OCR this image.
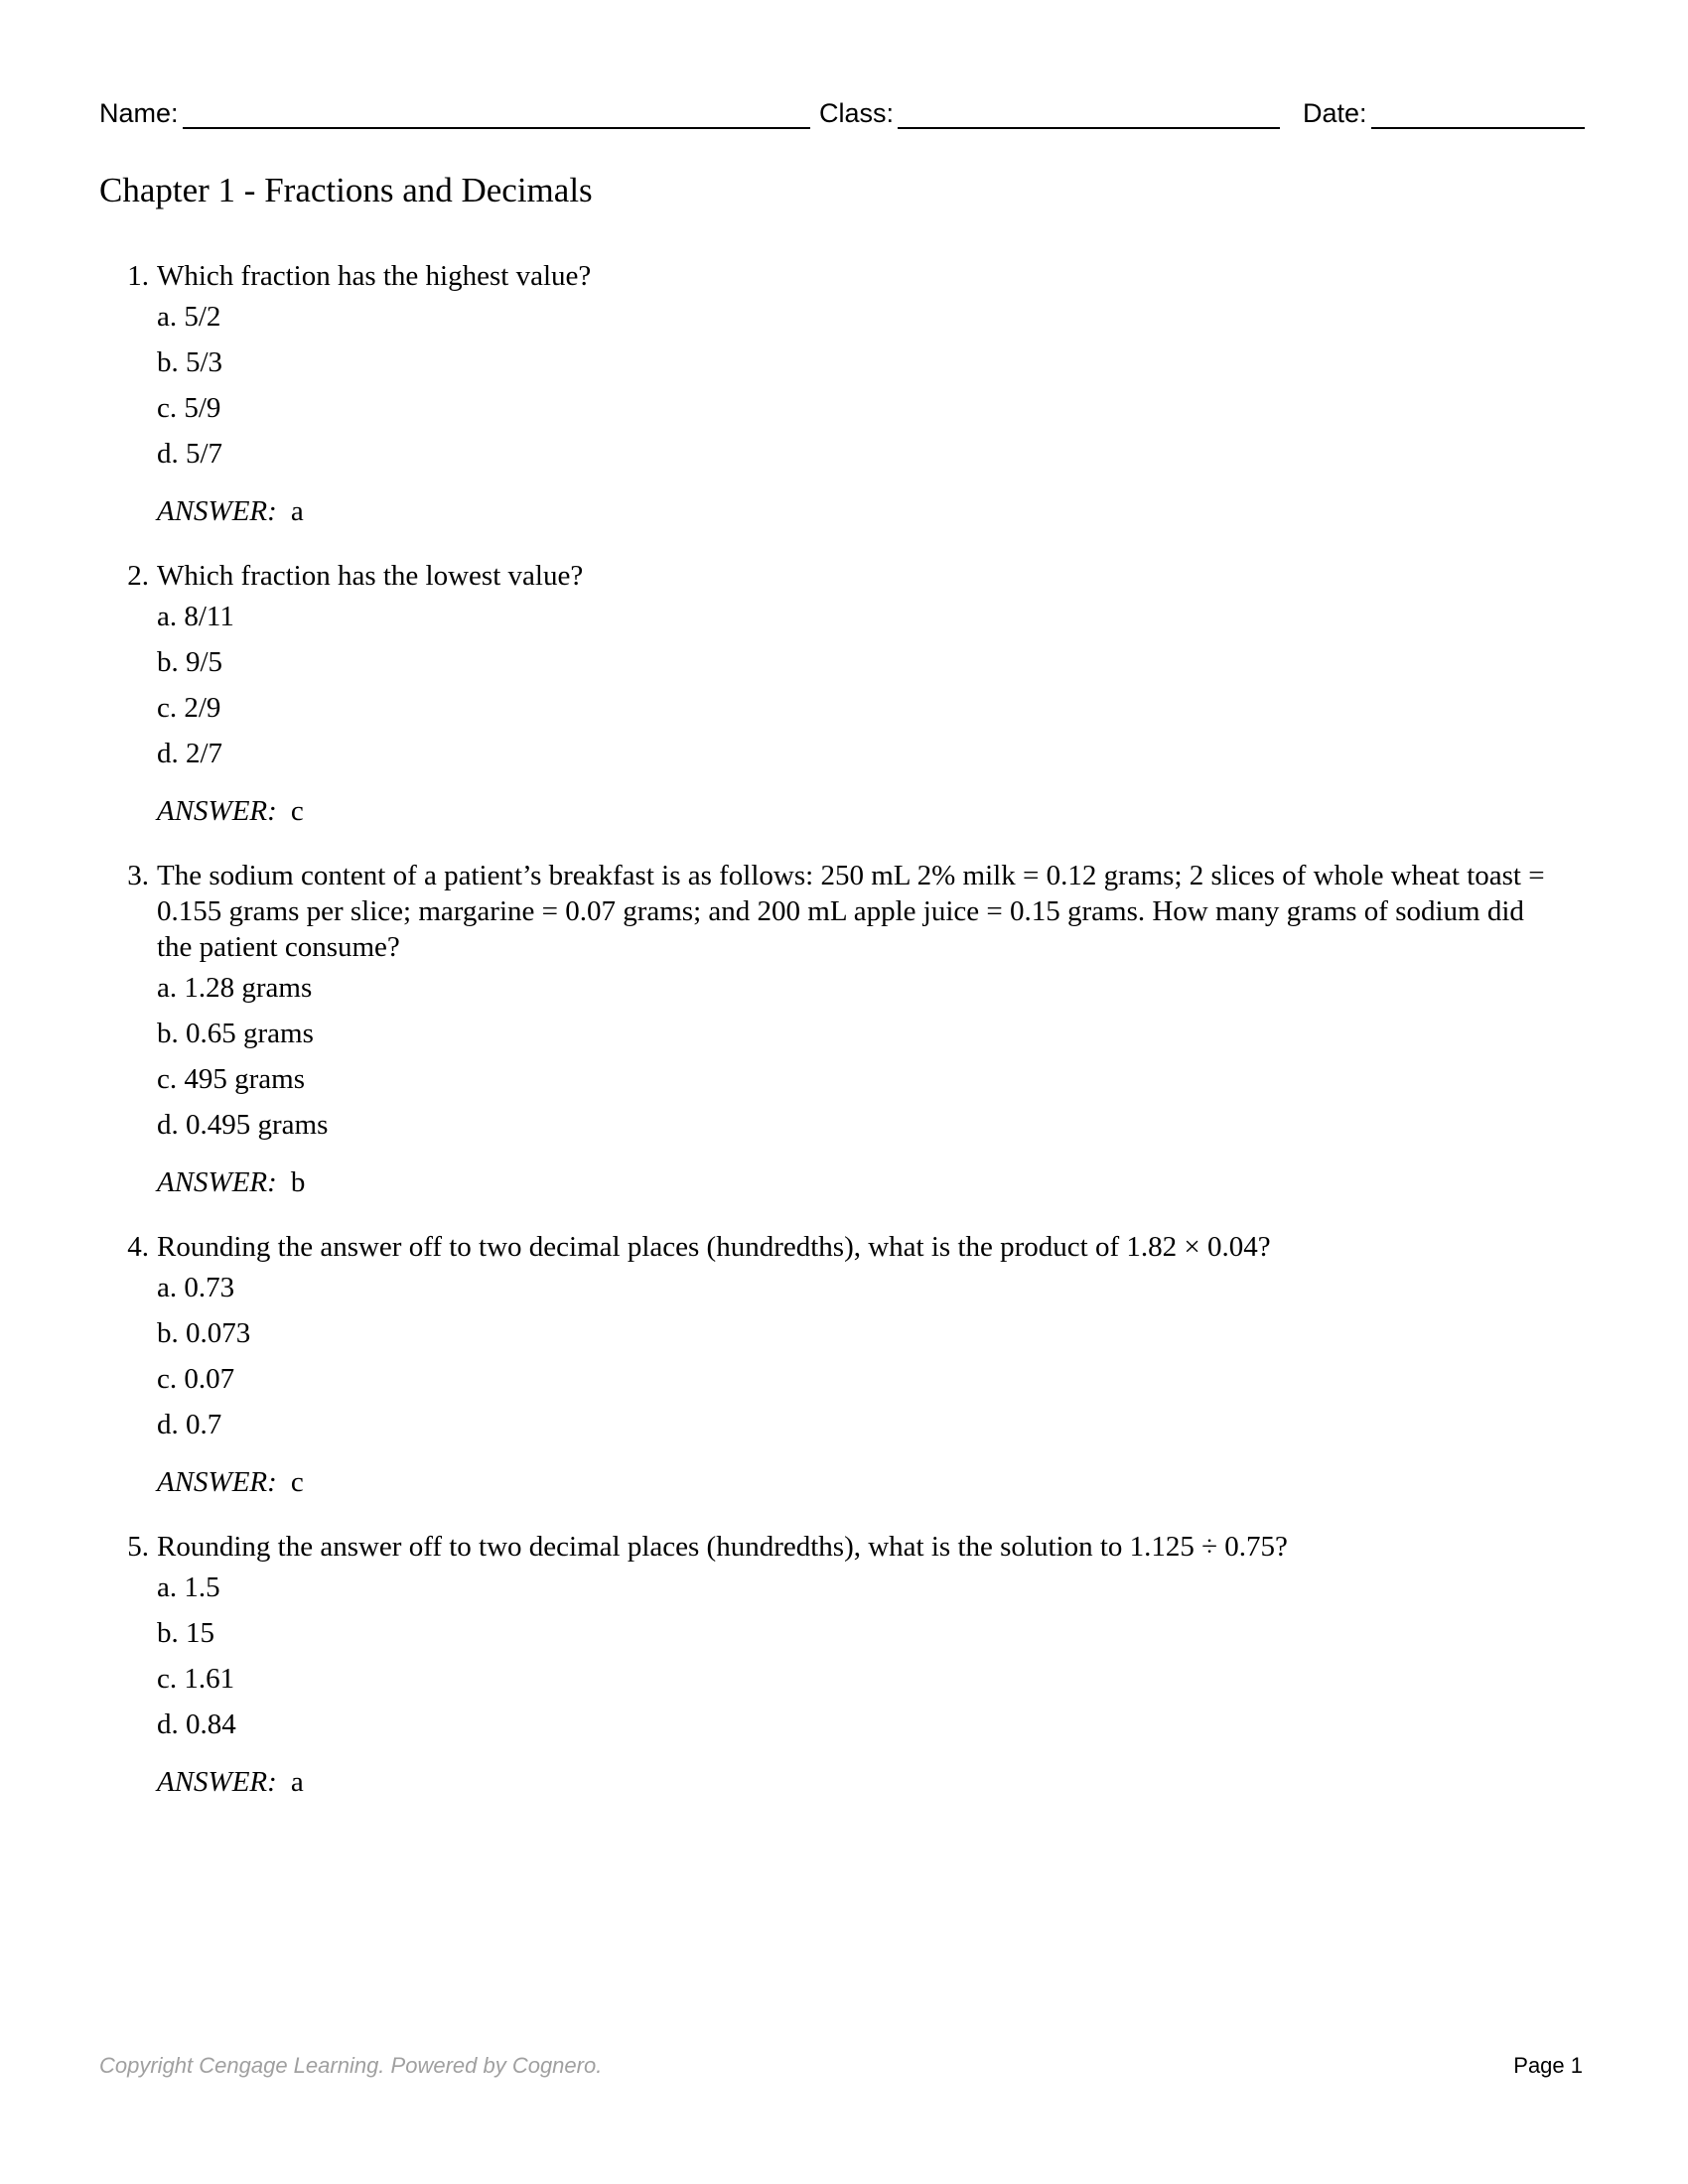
Name:	Class:	Date:
Chapter 1 - Fractions and Decimals
1. Which fraction has the highest value?
a. 5/2
b. 5/3
c. 5/9
d. 5/7
ANSWER: a
2. Which fraction has the lowest value?
a. 8/11
b. 9/5
c. 2/9
d. 2/7
ANSWER: c
3. The sodium content of a patient’s breakfast is as follows: 250 mL 2% milk = 0.12 grams; 2 slices of whole wheat toast = 0.155 grams per slice; margarine = 0.07 grams; and 200 mL apple juice = 0.15 grams. How many grams of sodium did the patient consume?
a. 1.28 grams
b. 0.65 grams
c. 495 grams
d. 0.495 grams
ANSWER: b
4. Rounding the answer off to two decimal places (hundredths), what is the product of 1.82 × 0.04?
a. 0.73
b. 0.073
c. 0.07
d. 0.7
ANSWER: c
5. Rounding the answer off to two decimal places (hundredths), what is the solution to 1.125 ÷ 0.75?
a. 1.5
b. 15
c. 1.61
d. 0.84
ANSWER: a
Copyright Cengage Learning. Powered by Cognero.	Page 1
